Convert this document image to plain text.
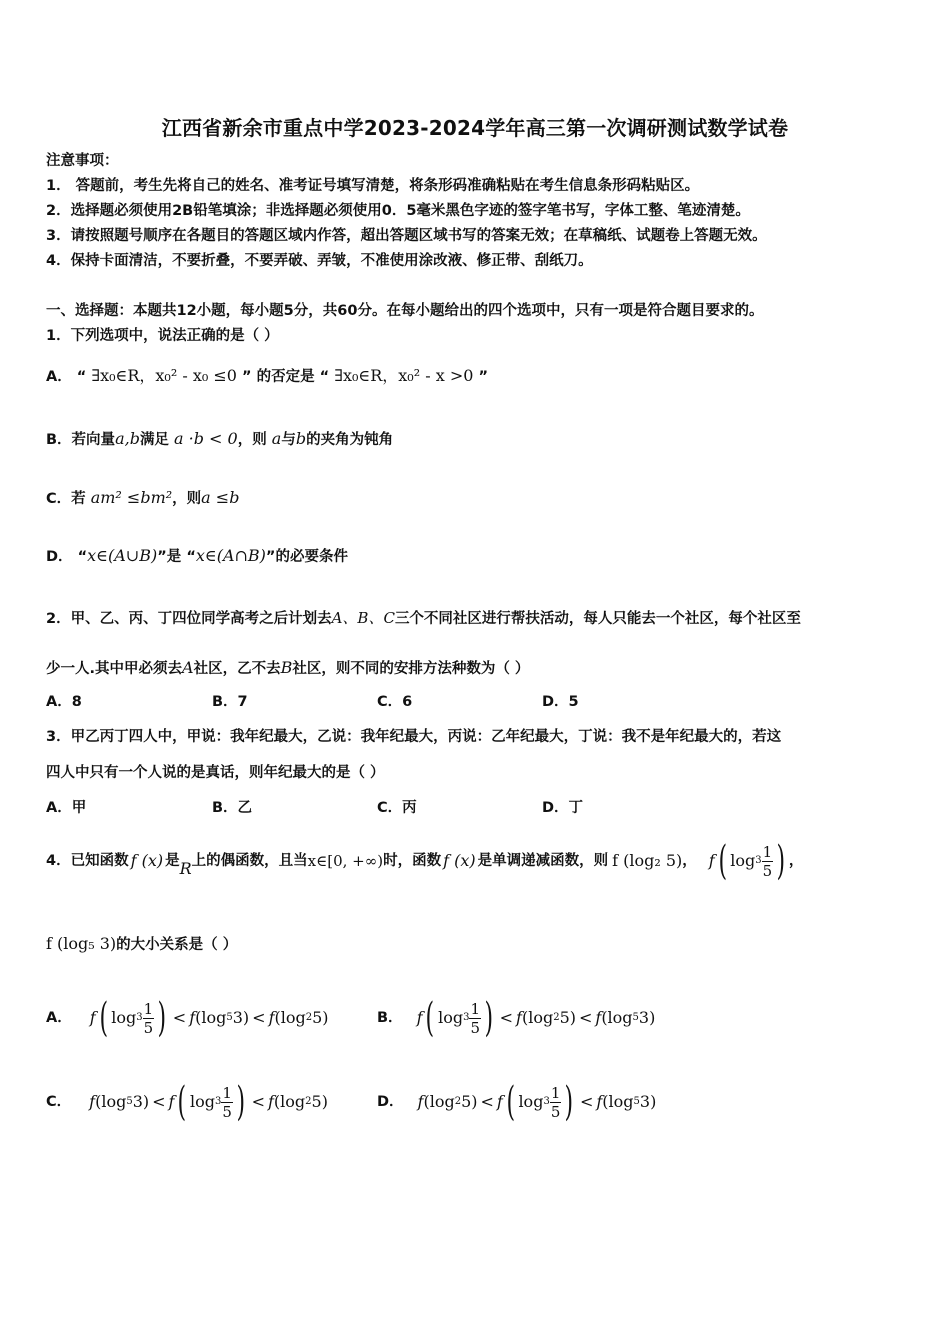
江西省新余市重点中学2023-2024学年高三第一次调研测试数学试卷
注意事项：
1． 答题前，考生先将自己的姓名、准考证号填写清楚，将条形码准确粘贴在考生信息条形码粘贴区。
2．选择题必须使用2B铅笔填涂；非选择题必须使用0．5毫米黑色字迹的签字笔书写，字体工整、笔迹清楚。
3．请按照题号顺序在各题目的答题区域内作答，超出答题区域书写的答案无效；在草稿纸、试题卷上答题无效。
4．保持卡面清洁，不要折叠，不要弄破、弄皱，不准使用涂改液、修正带、刮纸刀。
一、选择题：本题共12小题，每小题5分，共60分。在每小题给出的四个选项中，只有一项是符合题目要求的。
1．下列选项中，说法正确的是（ ）
A． “ ∃x₀∈R，x₀² - x₀ ≤0 ” 的否定是 “ ∃x₀∈R，x₀² - x >0 ”
B．若向量a,b满足 a ·b < 0，则 a与b的夹角为钝角
C．若 am² ≤bm²，则a ≤b
D． “x∈(A∪B)”是 “x∈(A∩B)”的必要条件
2．甲、乙、丙、丁四位同学高考之后计划去A、B、C三个不同社区进行帮扶活动，每人只能去一个社区，每个社区至
少一人.其中甲必须去A社区，乙不去B社区，则不同的安排方法种数为（ ）
A．8	B．7	C．6	D．5
3．甲乙丙丁四人中，甲说：我年纪最大，乙说：我年纪最大，丙说：乙年纪最大，丁说：我不是年纪最大的，若这
四人中只有一个人说的是真话，则年纪最大的是（ ）
A．甲	B．乙	C．丙	D．丁
4．已知函数 f (x) 是 R 上的偶函数，且当 x∈[0, +∞) 时，函数 f (x) 是单调递减函数，则 f (log₂ 5) ， f ( $\log 3 \frac{1}{5}$ ) ，
f (log₅ 3)的大小关系是（ ）
A． f ( $\log 3 \frac{1}{5}$ ) < f (log 5 3) < f (log 2 5)	B． f ( $\log 3 \frac{1}{5}$ ) < f (log 2 5) < f (log 5 3)
C． f (log 5 3) < f ( $\log 3 \frac{1}{5}$ ) < f (log 2 5)	D． f (log 2 5) < f ( $\log 3 \frac{1}{5}$ ) < f (log 5 3)
